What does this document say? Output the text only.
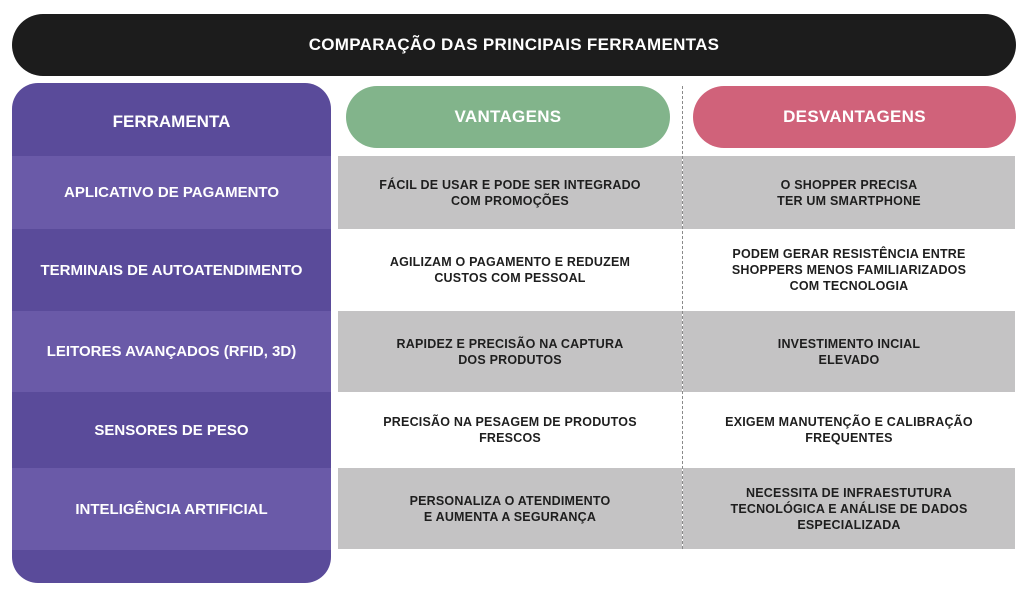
COMPARAÇÃO DAS PRINCIPAIS FERRAMENTAS
FERRAMENTA
APLICATIVO DE PAGAMENTO
TERMINAIS DE AUTOATENDIMENTO
LEITORES AVANÇADOS (RFID, 3D)
SENSORES DE PESO
INTELIGÊNCIA ARTIFICIAL
VANTAGENS	DESVANTAGENS
FÁCIL DE USAR E PODE SER INTEGRADO
COM PROMOÇÕES
O SHOPPER PRECISA
TER UM SMARTPHONE
AGILIZAM O PAGAMENTO E REDUZEM
CUSTOS COM PESSOAL
PODEM GERAR RESISTÊNCIA ENTRE
SHOPPERS MENOS FAMILIARIZADOS
COM TECNOLOGIA
RAPIDEZ E PRECISÃO NA CAPTURA
DOS PRODUTOS
INVESTIMENTO INCIAL
ELEVADO
PRECISÃO NA PESAGEM DE PRODUTOS
FRESCOS
EXIGEM MANUTENÇÃO E CALIBRAÇÃO
FREQUENTES
PERSONALIZA O ATENDIMENTO
E AUMENTA A SEGURANÇA
NECESSITA DE INFRAESTUTURA
TECNOLÓGICA E ANÁLISE DE DADOS
ESPECIALIZADA
